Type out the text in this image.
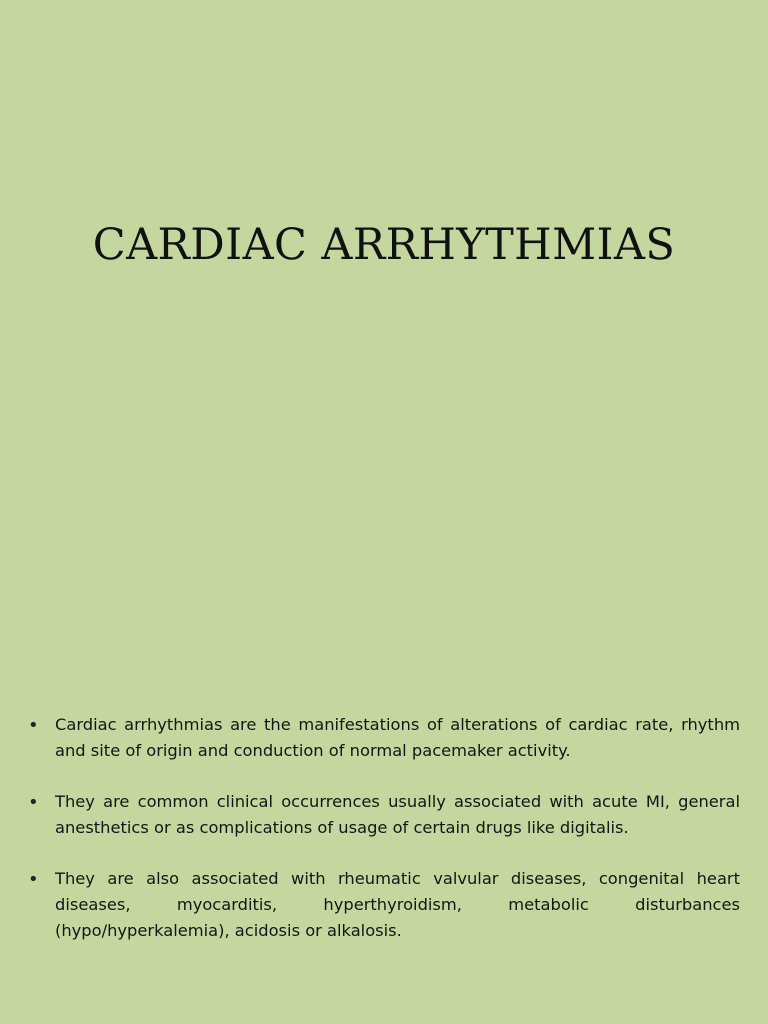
CARDIAC ARRHYTHMIAS
• Cardiac arrhythmias are the manifestations of alterations of cardiac rate, rhythm and site of origin and conduction of normal pacemaker activity.
• They are common clinical occurrences usually associated with acute MI, general anesthetics or as complications of usage of certain drugs like digitalis.
• They are also associated with rheumatic valvular diseases, congenital heart diseases, myocarditis, hyperthyroidism, metabolic disturbances (hypo/hyperkalemia), acidosis or alkalosis.
